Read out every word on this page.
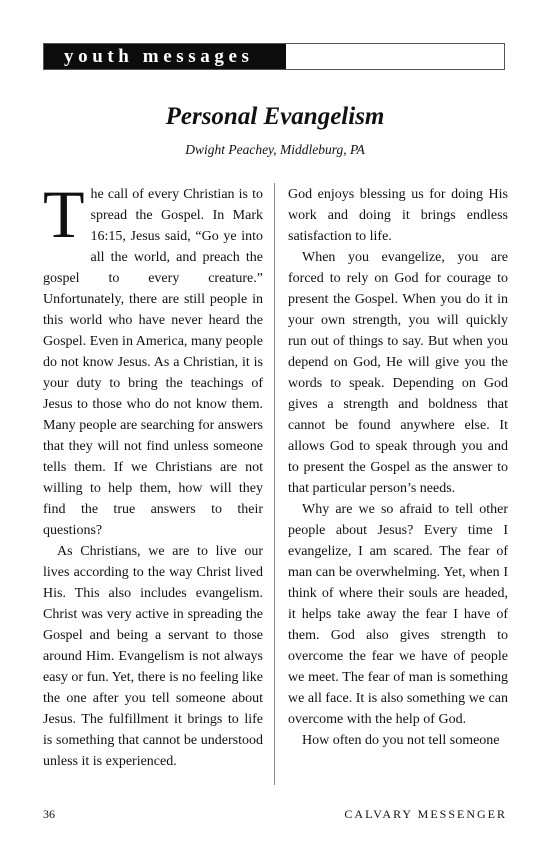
youth messages
Personal Evangelism
Dwight Peachey, Middleburg, PA

The call of every Christian is to spread the Gospel. In Mark 16:15, Jesus said, “Go ye into all the world, and preach the gospel to every creature.” Unfortunately, there are still people in this world who have never heard the Gospel. Even in America, many people do not know Jesus. As a Christian, it is your duty to bring the teachings of Jesus to those who do not know them. Many people are searching for answers that they will not find unless someone tells them. If we Christians are not willing to help them, how will they find the true answers to their questions?

As Christians, we are to live our lives according to the way Christ lived His. This also includes evangelism. Christ was very active in spreading the Gospel and being a servant to those around Him. Evangelism is not always easy or fun. Yet, there is no feeling like the one after you tell someone about Jesus. The fulfillment it brings to life is something that cannot be understood unless it is experienced.

God enjoys blessing us for doing His work and doing it brings endless satisfaction to life.

When you evangelize, you are forced to rely on God for courage to present the Gospel. When you do it in your own strength, you will quickly run out of things to say. But when you depend on God, He will give you the words to speak. Depending on God gives a strength and boldness that cannot be found anywhere else. It allows God to speak through you and to present the Gospel as the answer to that particular person’s needs.

Why are we so afraid to tell other people about Jesus? Every time I evangelize, I am scared. The fear of man can be overwhelming. Yet, when I think of where their souls are headed, it helps take away the fear I have of them. God also gives strength to overcome the fear we have of people we meet. The fear of man is something we all face. It is also something we can overcome with the help of God.

How often do you not tell someone

36	CALVARY MESSENGER
